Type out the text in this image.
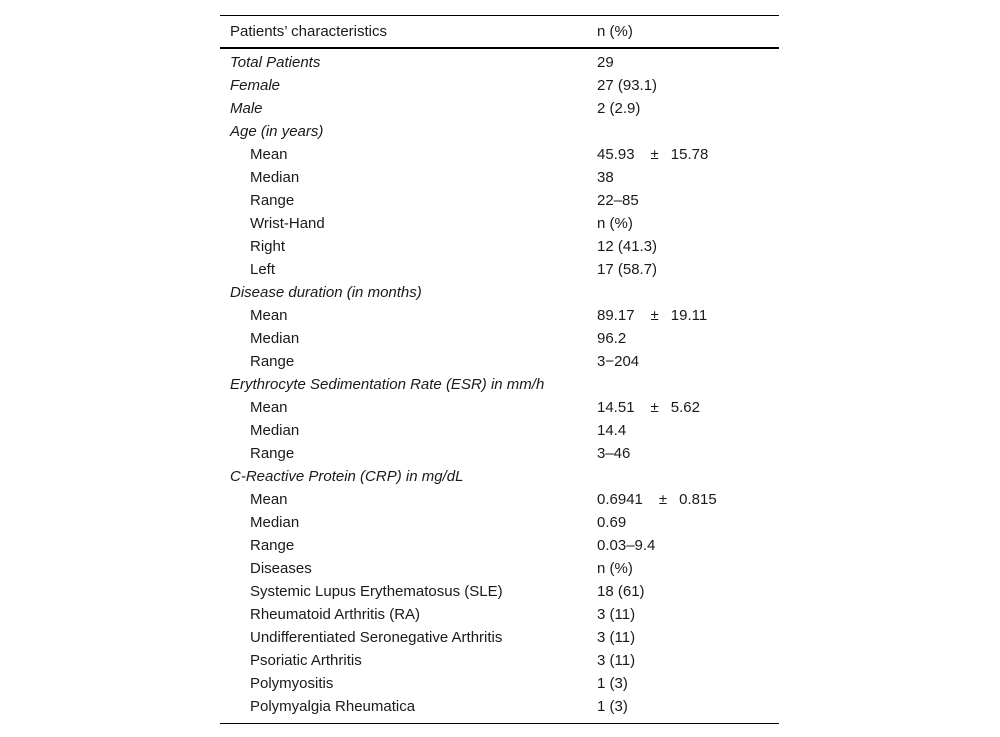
Patients’ characteristics	n (%)
Total Patients	29
Female	27 (93.1)
Male	2 (2.9)
Age (in years)
Mean	45.93 ± 15.78
Median	38
Range	22–85
Wrist-Hand	n (%)
Right	12 (41.3)
Left	17 (58.7)
Disease duration (in months)
Mean	89.17 ± 19.11
Median	96.2
Range	3−204
Erythrocyte Sedimentation Rate (ESR) in mm/h
Mean	14.51 ± 5.62
Median	14.4
Range	3–46
C-Reactive Protein (CRP) in mg/dL
Mean	0.6941 ± 0.815
Median	0.69
Range	0.03–9.4
Diseases	n (%)
Systemic Lupus Erythematosus (SLE)	18 (61)
Rheumatoid Arthritis (RA)	3 (11)
Undifferentiated Seronegative Arthritis	3 (11)
Psoriatic Arthritis	3 (11)
Polymyositis	1 (3)
Polymyalgia Rheumatica	1 (3)
